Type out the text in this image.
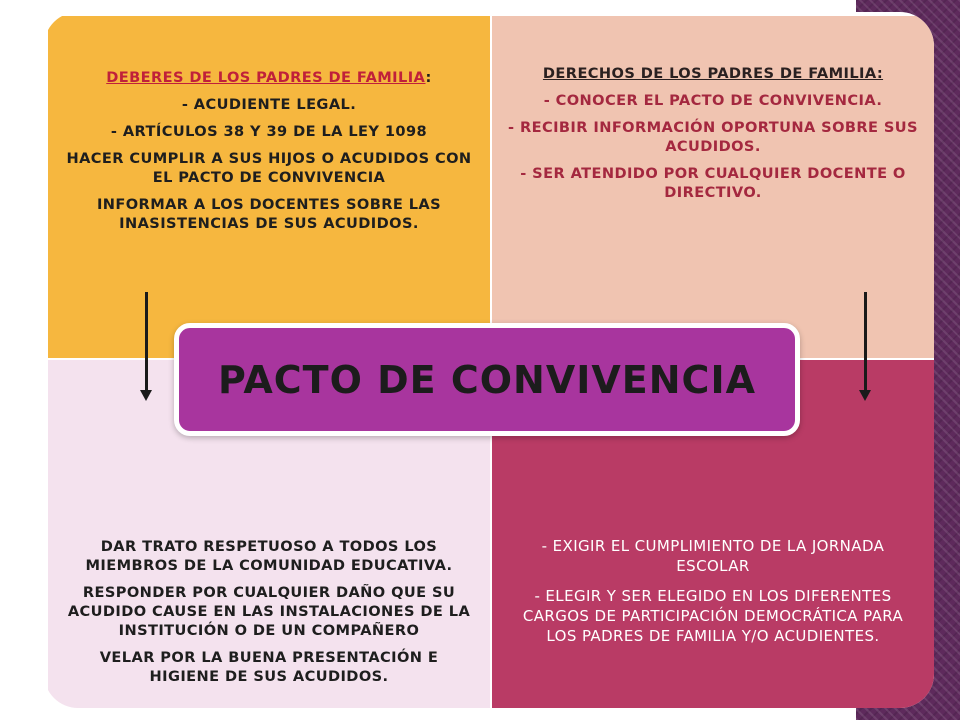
DEBERES DE LOS PADRES DE FAMILIA:

- ACUDIENTE LEGAL.

- ARTÍCULOS 38 Y 39 DE LA LEY 1098

HACER CUMPLIR A SUS HIJOS O ACUDIDOS CON EL PACTO DE CONVIVENCIA

INFORMAR A LOS DOCENTES SOBRE LAS INASISTENCIAS DE SUS ACUDIDOS.

DERECHOS DE LOS PADRES DE FAMILIA:

- CONOCER EL PACTO DE CONVIVENCIA.

- RECIBIR INFORMACIÓN OPORTUNA SOBRE SUS ACUDIDOS.

- SER ATENDIDO POR CUALQUIER DOCENTE O DIRECTIVO.

DAR TRATO RESPETUOSO A TODOS LOS MIEMBROS DE LA COMUNIDAD EDUCATIVA.

RESPONDER POR CUALQUIER DAÑO QUE SU ACUDIDO CAUSE EN LAS INSTALACIONES DE LA INSTITUCIÓN O DE UN COMPAÑERO

VELAR POR LA BUENA PRESENTACIÓN E HIGIENE DE SUS ACUDIDOS.

- EXIGIR EL CUMPLIMIENTO DE LA JORNADA ESCOLAR

- ELEGIR Y SER ELEGIDO EN LOS DIFERENTES CARGOS DE PARTICIPACIÓN DEMOCRÁTICA PARA LOS PADRES DE FAMILIA Y/O ACUDIENTES.

PACTO DE CONVIVENCIA
